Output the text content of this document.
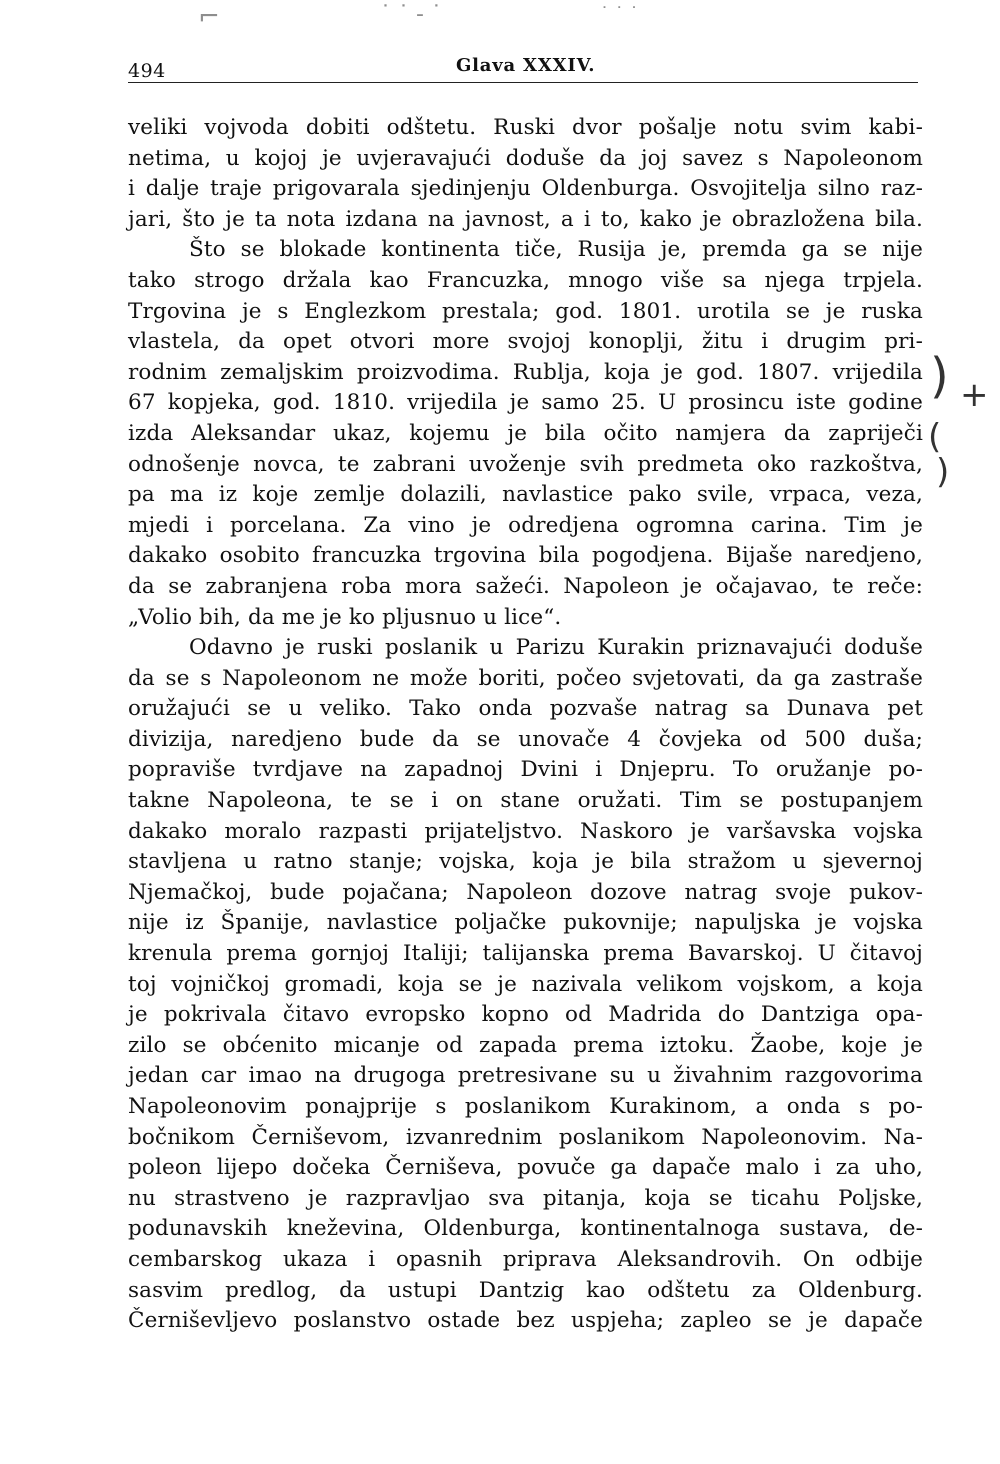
⌐	˙ ˙ ‐ ˙	˙ ˙ ˙
494	Glava XXXIV.
veliki vojvoda dobiti odštetu. Ruski dvor pošalje notu svim kabi-
netima, u kojoj je uvjeravajući doduše da joj savez s Napoleonom
i dalje traje prigovarala sjedinjenju Oldenburga. Osvojitelja silno raz-
jari, što je ta nota izdana na javnost, a i to, kako je obrazložena bila.
Što se blokade kontinenta tiče, Rusija je, premda ga se nije
tako strogo držala kao Francuzka, mnogo više sa njega trpjela.
Trgovina je s Englezkom prestala; god. 1801. urotila se je ruska
vlastela, da opet otvori more svojoj konoplji, žitu i drugim pri-
rodnim zemaljskim proizvodima. Rublja, koja je god. 1807. vrijedila
67 kopjeka, god. 1810. vrijedila je samo 25. U prosincu iste godine
izda Aleksandar ukaz, kojemu je bila očito namjera da zapriječi
odnošenje novca, te zabrani uvoženje svih predmeta oko razkoštva,
pa ma iz koje zemlje dolazili, navlastice pako svile, vrpaca, veza,
mjedi i porcelana. Za vino je odredjena ogromna carina. Tim je
dakako osobito francuzka trgovina bila pogodjena. Bijaše naredjeno,
da se zabranjena roba mora sažeći. Napoleon je očajavao, te reče:
„Volio bih, da me je ko pljusnuo u lice“.
Odavno je ruski poslanik u Parizu Kurakin priznavajući doduše
da se s Napoleonom ne može boriti, počeo svjetovati, da ga zastraše
oružajući se u veliko. Tako onda pozvaše natrag sa Dunava pet
divizija, naredjeno bude da se unovače 4 čovjeka od 500 duša;
popraviše tvrdjave na zapadnoj Dvini i Dnjepru. To oružanje po-
takne Napoleona, te se i on stane oružati. Tim se postupanjem
dakako moralo razpasti prijateljstvo. Naskoro je varšavska vojska
stavljena u ratno stanje; vojska, koja je bila stražom u sjevernoj
Njemačkoj, bude pojačana; Napoleon dozove natrag svoje pukov-
nije iz Španije, navlastice poljačke pukovnije; napuljska je vojska
krenula prema gornjoj Italiji; talijanska prema Bavarskoj. U čitavoj
toj vojničkoj gromadi, koja se je nazivala velikom vojskom, a koja
je pokrivala čitavo evropsko kopno od Madrida do Dantziga opa-
zilo se obćenito micanje od zapada prema iztoku. Žaobe, koje je
jedan car imao na drugoga pretresivane su u živahnim razgovorima
Napoleonovim ponajprije s poslanikom Kurakinom, a onda s po-
bočnikom Černiševom, izvanrednim poslanikom Napoleonovim. Na-
poleon lijepo dočeka Černiševa, povuče ga dapače malo i za uho,
nu strastveno je razpravljao sva pitanja, koja se ticahu Poljske,
podunavskih kneževina, Oldenburga, kontinentalnoga sustava, de-
cembarskog ukaza i opasnih priprava Aleksandrovih. On odbije
sasvim predlog, da ustupi Dantzig kao odštetu za Oldenburg.
Černiševljevo poslanstvo ostade bez uspjeha; zapleo se je dapače
) +
(
)
